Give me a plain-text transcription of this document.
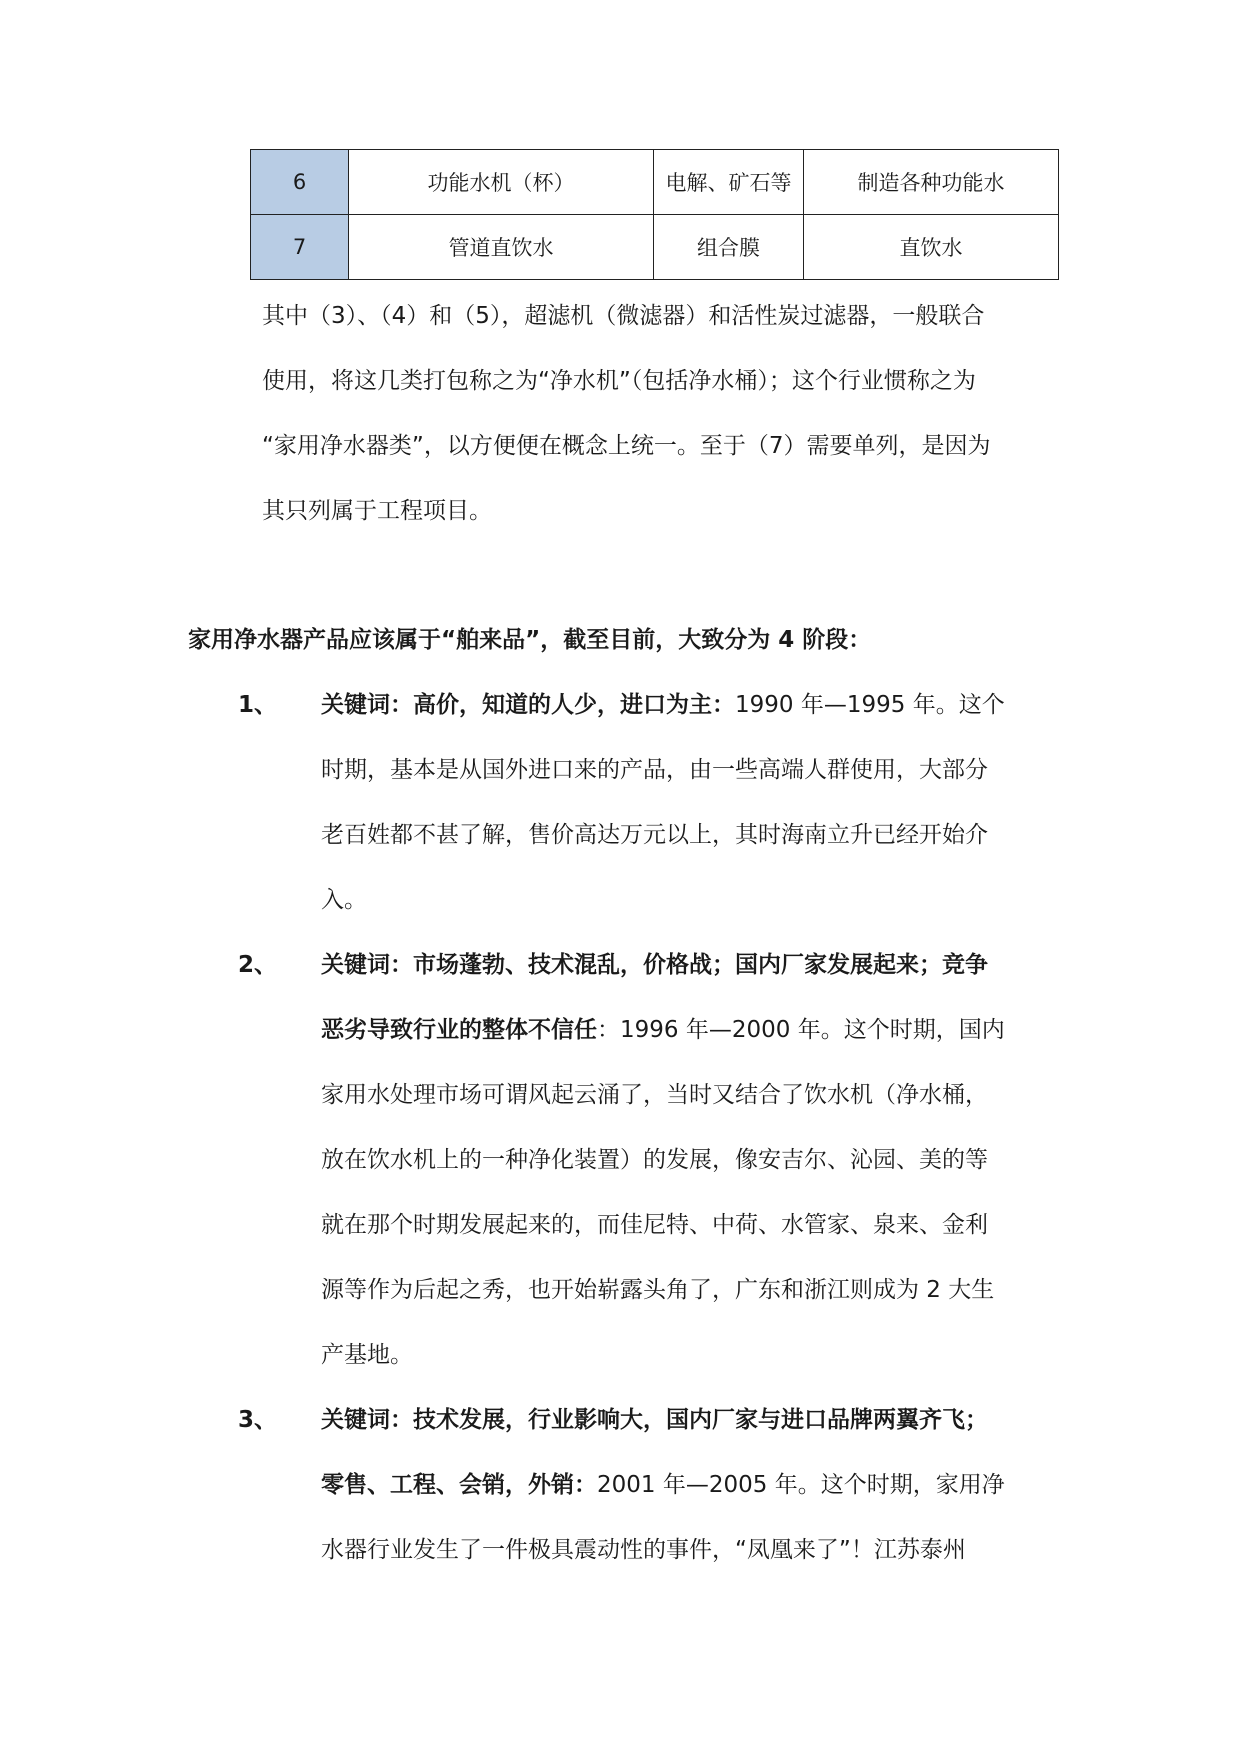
6	功能水机（杯）	电解、矿石等	制造各种功能水
7	管道直饮水	组合膜	直饮水
其中（3）、（4）和（5），超滤机（微滤器）和活性炭过滤器，一般联合
使用，将这几类打包称之为“净水机”（包括净水桶）；这个行业惯称之为
“家用净水器类”，以方便便在概念上统一。至于（7）需要单列，是因为
其只列属于工程项目。
家用净水器产品应该属于“舶来品”，截至目前，大致分为 4 阶段：
1、 关键词：高价，知道的人少，进口为主：1990 年—1995 年。这个
时期，基本是从国外进口来的产品，由一些高端人群使用，大部分
老百姓都不甚了解，售价高达万元以上，其时海南立升已经开始介
入。
2、 关键词：市场蓬勃、技术混乱，价格战；国内厂家发展起来；竞争
恶劣导致行业的整体不信任：1996 年—2000 年。这个时期，国内
家用水处理市场可谓风起云涌了，当时又结合了饮水机（净水桶，
放在饮水机上的一种净化装置）的发展，像安吉尔、沁园、美的等
就在那个时期发展起来的，而佳尼特、中荷、水管家、泉来、金利
源等作为后起之秀，也开始崭露头角了，广东和浙江则成为 2 大生
产基地。
3、 关键词：技术发展，行业影响大，国内厂家与进口品牌两翼齐飞；
零售、工程、会销，外销：2001 年—2005 年。这个时期，家用净
水器行业发生了一件极具震动性的事件，“凤凰来了”！江苏泰州
